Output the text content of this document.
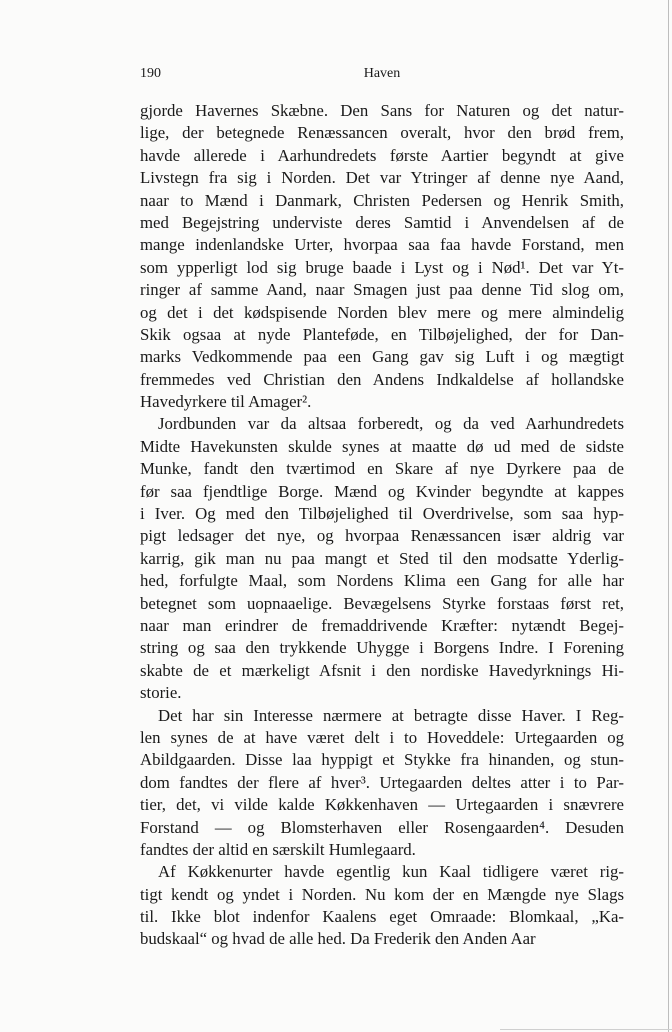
190	Haven
gjorde Havernes Skæbne. Den Sans for Naturen og det natur-
lige, der betegnede Renæssancen overalt, hvor den brød frem,
havde allerede i Aarhundredets første Aartier begyndt at give
Livstegn fra sig i Norden. Det var Ytringer af denne nye Aand,
naar to Mænd i Danmark, Christen Pedersen og Henrik Smith,
med Begejstring underviste deres Samtid i Anvendelsen af de
mange indenlandske Urter, hvorpaa saa faa havde Forstand, men
som ypperligt lod sig bruge baade i Lyst og i Nød¹. Det var Yt-
ringer af samme Aand, naar Smagen just paa denne Tid slog om,
og det i det kødspisende Norden blev mere og mere almindelig
Skik ogsaa at nyde Planteføde, en Tilbøjelighed, der for Dan-
marks Vedkommende paa een Gang gav sig Luft i og mægtigt
fremmedes ved Christian den Andens Indkaldelse af hollandske
Havedyrkere til Amager².
Jordbunden var da altsaa forberedt, og da ved Aarhundredets
Midte Havekunsten skulde synes at maatte dø ud med de sidste
Munke, fandt den tværtimod en Skare af nye Dyrkere paa de
før saa fjendtlige Borge. Mænd og Kvinder begyndte at kappes
i Iver. Og med den Tilbøjelighed til Overdrivelse, som saa hyp-
pigt ledsager det nye, og hvorpaa Renæssancen især aldrig var
karrig, gik man nu paa mangt et Sted til den modsatte Yderlig-
hed, forfulgte Maal, som Nordens Klima een Gang for alle har
betegnet som uopnaaelige. Bevægelsens Styrke forstaas først ret,
naar man erindrer de fremaddrivende Kræfter: nytændt Begej-
string og saa den trykkende Uhygge i Borgens Indre. I Forening
skabte de et mærkeligt Afsnit i den nordiske Havedyrknings Hi-
storie.
Det har sin Interesse nærmere at betragte disse Haver. I Reg-
len synes de at have været delt i to Hoveddele: Urtegaarden og
Abildgaarden. Disse laa hyppigt et Stykke fra hinanden, og stun-
dom fandtes der flere af hver³. Urtegaarden deltes atter i to Par-
tier, det, vi vilde kalde Køkkenhaven — Urtegaarden i snævrere
Forstand — og Blomsterhaven eller Rosengaarden⁴. Desuden
fandtes der altid en særskilt Humlegaard.
Af Køkkenurter havde egentlig kun Kaal tidligere været rig-
tigt kendt og yndet i Norden. Nu kom der en Mængde nye Slags
til. Ikke blot indenfor Kaalens eget Omraade: Blomkaal, „Ka-
budskaal“ og hvad de alle hed. Da Frederik den Anden Aar
